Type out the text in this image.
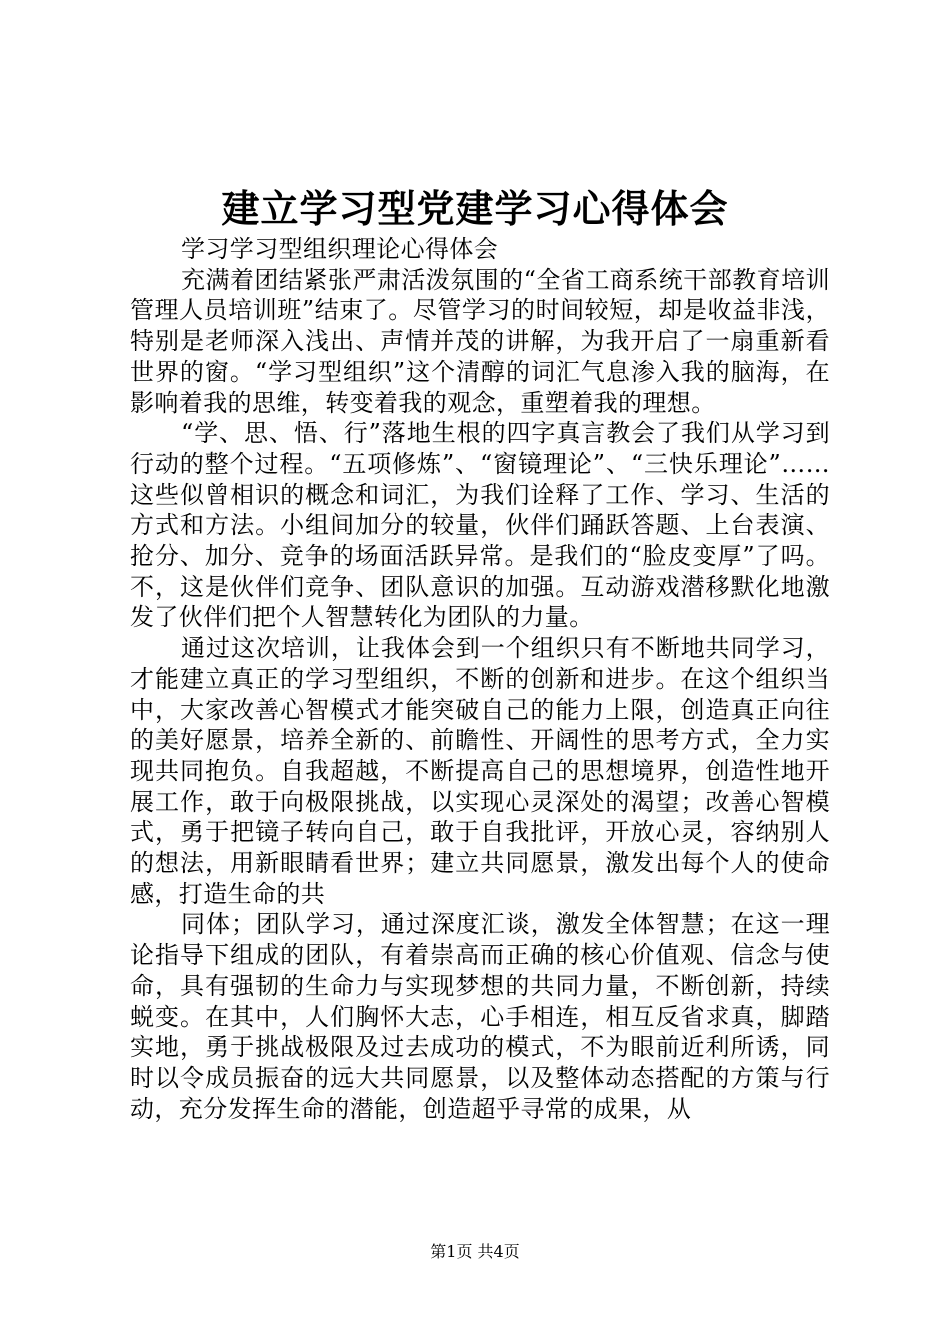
建立学习型党建学习心得体会

学习学习型组织理论心得体会

充满着团结紧张严肃活泼氛围的“全省工商系统干部教育培训管理人员培训班”结束了。尽管学习的时间较短，却是收益非浅，特别是老师深入浅出、声情并茂的讲解，为我开启了一扇重新看世界的窗。“学习型组织”这个清醇的词汇气息渗入我的脑海，在影响着我的思维，转变着我的观念，重塑着我的理想。

“学、思、悟、行”落地生根的四字真言教会了我们从学习到行动的整个过程。“五项修炼”、“窗镜理论”、“三快乐理论”……这些似曾相识的概念和词汇，为我们诠释了工作、学习、生活的方式和方法。小组间加分的较量，伙伴们踊跃答题、上台表演、抢分、加分、竞争的场面活跃异常。是我们的“脸皮变厚”了吗。不，这是伙伴们竞争、团队意识的加强。互动游戏潜移默化地激发了伙伴们把个人智慧转化为团队的力量。

通过这次培训，让我体会到一个组织只有不断地共同学习，才能建立真正的学习型组织，不断的创新和进步。在这个组织当中，大家改善心智模式才能突破自己的能力上限，创造真正向往的美好愿景，培养全新的、前瞻性、开阔性的思考方式，全力实现共同抱负。自我超越，不断提高自己的思想境界，创造性地开展工作，敢于向极限挑战，以实现心灵深处的渴望；改善心智模式，勇于把镜子转向自己，敢于自我批评，开放心灵，容纳别人的想法，用新眼睛看世界；建立共同愿景，激发出每个人的使命感，打造生命的共

同体；团队学习，通过深度汇谈，激发全体智慧；在这一理论指导下组成的团队，有着崇高而正确的核心价值观、信念与使命，具有强韧的生命力与实现梦想的共同力量，不断创新，持续蜕变。在其中，人们胸怀大志，心手相连，相互反省求真，脚踏实地，勇于挑战极限及过去成功的模式，不为眼前近利所诱，同时以令成员振奋的远大共同愿景，以及整体动态搭配的方策与行动，充分发挥生命的潜能，创造超乎寻常的成果，从

第1页 共4页
